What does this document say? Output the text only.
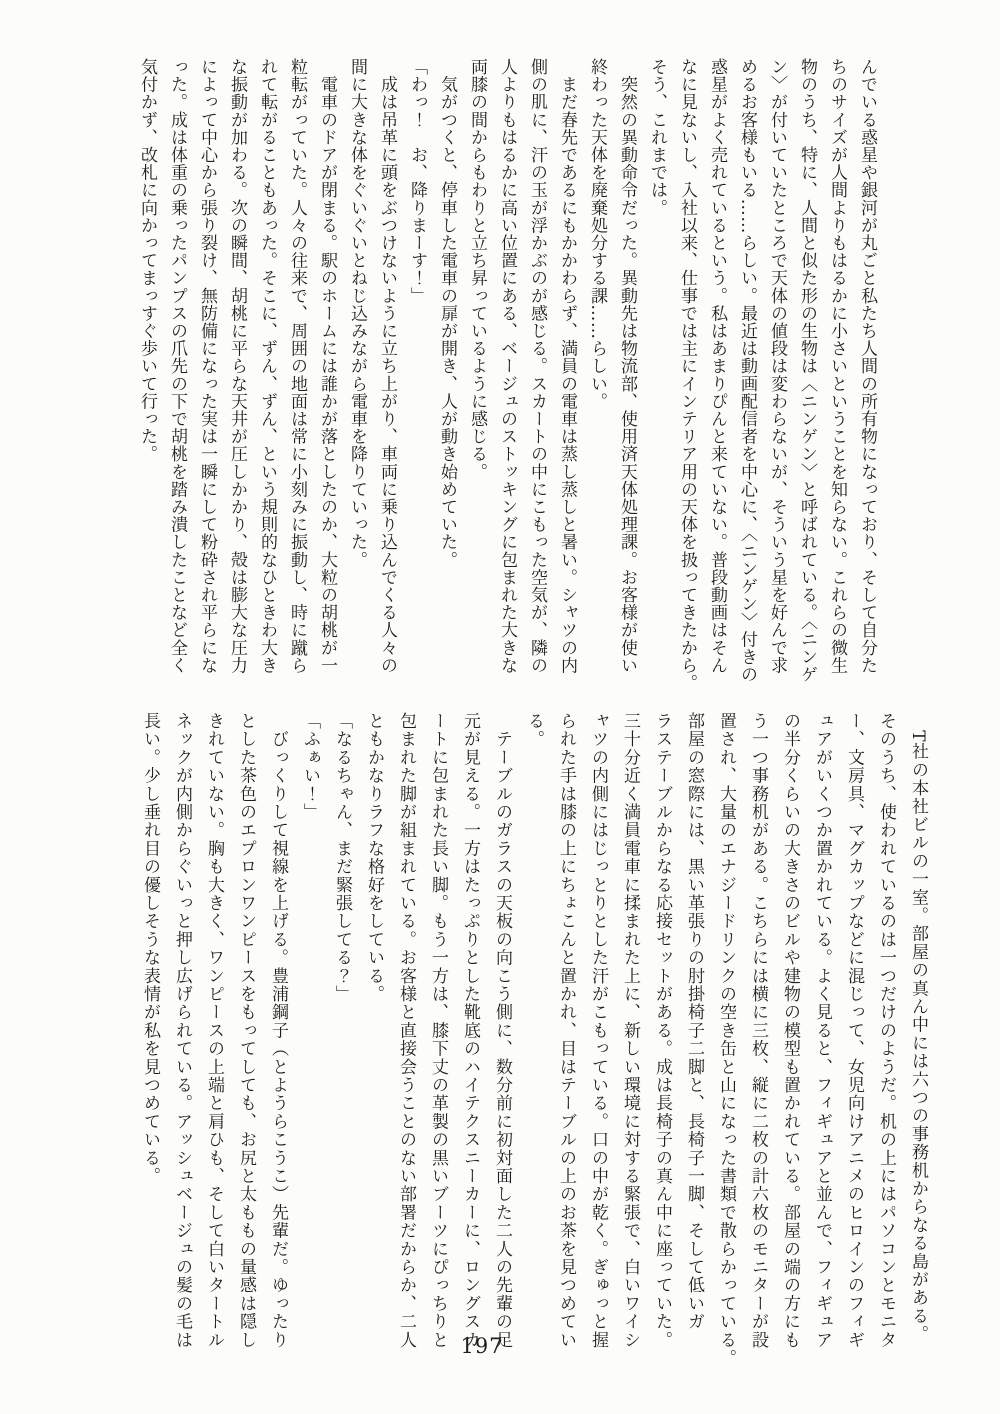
んでいる惑星や銀河が丸ごと私たち人間の所有物になっており、そして自分た

ちのサイズが人間よりもはるかに小さいということを知らない。これらの微生

物のうち、特に、人間と似た形の生物は〈ニンゲン〉と呼ばれている。〈ニンゲ

ン〉が付いていたところで天体の値段は変わらないが、そういう星を好んで求

めるお客様もいる……らしい。最近は動画配信者を中心に、〈ニンゲン〉付きの

惑星がよく売れているという。私はあまりぴんと来ていない。普段動画はそん

なに見ないし、入社以来、仕事では主にインテリア用の天体を扱ってきたから。

そう、これまでは。

　突然の異動命令だった。異動先は物流部、使用済天体処理課。お客様が使い

終わった天体を廃棄処分する課……らしい。

　まだ春先であるにもかかわらず、満員の電車は蒸し蒸しと暑い。シャツの内

側の肌に、汗の玉が浮かぶのが感じる。スカートの中にこもった空気が、隣の

人よりもはるかに高い位置にある、ベージュのストッキングに包まれた大きな

両膝の間からもわりと立ち昇っているように感じる。

　気がつくと、停車した電車の扉が開き、人が動き始めていた。

「わっ！　お、降りまーす！」

　成は吊革に頭をぶつけないように立ち上がり、車両に乗り込んでくる人々の

間に大きな体をぐいぐいとねじ込みながら電車を降りていった。

　電車のドアが閉まる。駅のホームには誰かが落としたのか、大粒の胡桃が一

粒転がっていた。人々の往来で、周囲の地面は常に小刻みに振動し、時に蹴ら

れて転がることもあった。そこに、ずん、ずん、という規則的なひときわ大き

な振動が加わる。次の瞬間、胡桃に平らな天井が圧しかかり、殻は膨大な圧力

によって中心から張り裂け、無防備になった実は一瞬にして粉砕され平らにな

った。成は体重の乗ったパンプスの爪先の下で胡桃を踏み潰したことなど全く

気付かず、改札に向かってまっすぐ歩いて行った。

　T社の本社ビルの一室。部屋の真ん中には六つの事務机からなる島がある。

そのうち、使われているのは一つだけのようだ。机の上にはパソコンとモニタ

ー、文房具、マグカップなどに混じって、女児向けアニメのヒロインのフィギ

ュアがいくつか置かれている。よく見ると、フィギュアと並んで、フィギュア

の半分くらいの大きさのビルや建物の模型も置かれている。部屋の端の方にも

う一つ事務机がある。こちらには横に三枚、縦に二枚の計六枚のモニターが設

置され、大量のエナジードリンクの空き缶と山になった書類で散らかっている。

部屋の窓際には、黒い革張りの肘掛椅子二脚と、長椅子一脚、そして低いガ

ラステーブルからなる応接セットがある。成は長椅子の真ん中に座っていた。

三十分近く満員電車に揉まれた上に、新しい環境に対する緊張で、白いワイシ

ャツの内側にはじっとりとした汗がこもっている。口の中が乾く。ぎゅっと握

られた手は膝の上にちょこんと置かれ、目はテーブルの上のお茶を見つめてい

る。

　テーブルのガラスの天板の向こう側に、数分前に初対面した二人の先輩の足

元が見える。一方はたっぷりとした靴底のハイテクスニーカーに、ロングスカ

ートに包まれた長い脚。もう一方は、膝下丈の革製の黒いブーツにぴっちりと

包まれた脚が組まれている。お客様と直接会うことのない部署だからか、二人

ともかなりラフな格好をしている。

「なるちゃん、まだ緊張してる？」

「ふぁい！」

　びっくりして視線を上げる。豊浦鋼子（とようらこうこ）先輩だ。ゆったり

とした茶色のエプロンワンピースをもってしても、お尻と太ももの量感は隠し

きれていない。胸も大きく、ワンピースの上端と肩ひも、そして白いタートル

ネックが内側からぐいっと押し広げられている。アッシュベージュの髪の毛は

長い。少し垂れ目の優しそうな表情が私を見つめている。

197
